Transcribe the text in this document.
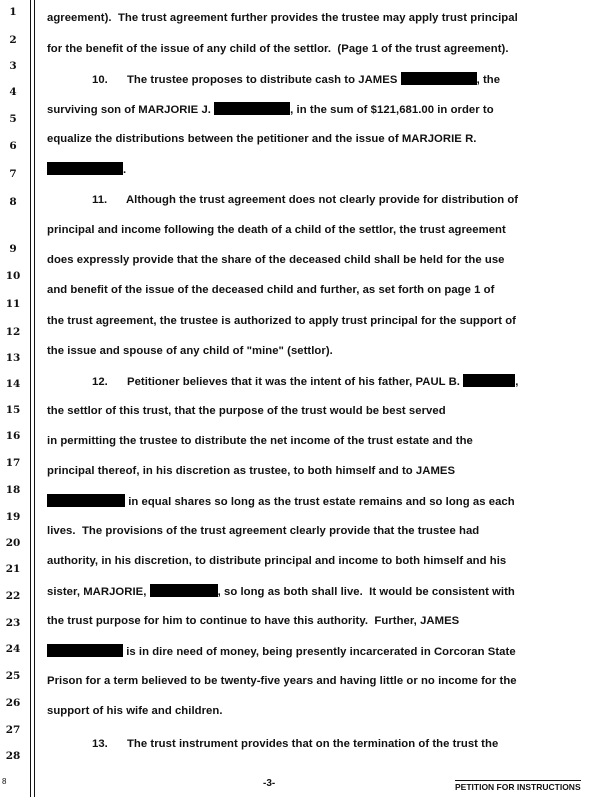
1
2
3
4
5
6
7
8
9
10
11
12
13
14
15
16
17
18
19
20
21
22
23
24
25
26
27
28
agreement).  The trust agreement further provides the trustee may apply trust principal
for the benefit of the issue of any child of the settlor.  (Page 1 of the trust agreement).
10.      The trustee proposes to distribute cash to JAMES	, the
surviving son of MARJORIE J.	, in the sum of $121,681.00 in order to
equalize the distributions between the petitioner and the issue of MARJORIE R.
.
11.      Although the trust agreement does not clearly provide for distribution of
principal and income following the death of a child of the settlor, the trust agreement
does expressly provide that the share of the deceased child shall be held for the use
and benefit of the issue of the deceased child and further, as set forth on page 1 of
the trust agreement, the trustee is authorized to apply trust principal for the support of
the issue and spouse of any child of "mine" (settlor).
12.      Petitioner believes that it was the intent of his father, PAUL B.	,
the settlor of this trust, that the purpose of the trust would be best served
in permitting the trustee to distribute the net income of the trust estate and the
principal thereof, in his discretion as trustee, to both himself and to JAMES
in equal shares so long as the trust estate remains and so long as each
lives.  The provisions of the trust agreement clearly provide that the trustee had
authority, in his discretion, to distribute principal and income to both himself and his
sister, MARJORIE,	, so long as both shall live.  It would be consistent with
the trust purpose for him to continue to have this authority.  Further, JAMES
is in dire need of money, being presently incarcerated in Corcoran State
Prison for a term believed to be twenty-five years and having little or no income for the
support of his wife and children.
13.      The trust instrument provides that on the termination of the trust the
8	-3-	PETITION FOR INSTRUCTIONS
